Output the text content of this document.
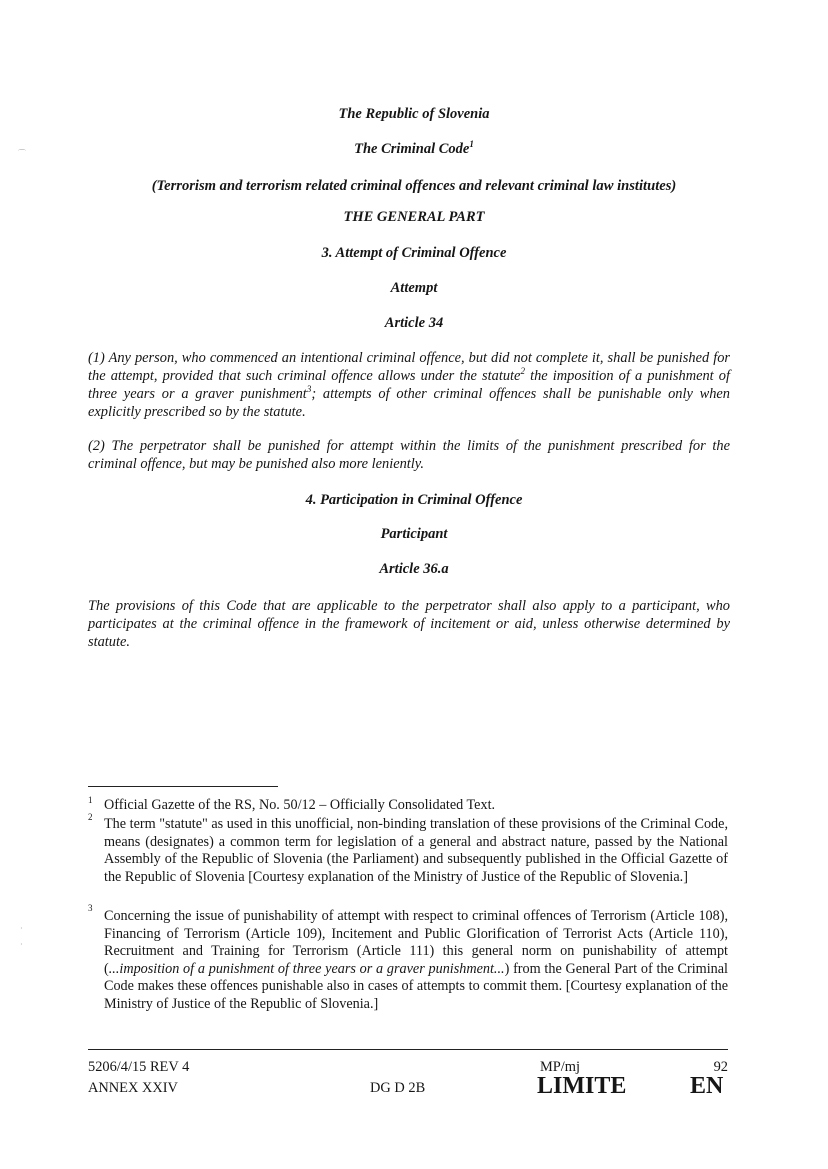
The Republic of Slovenia
The Criminal Code$^1$
(Terrorism and terrorism related criminal offences and relevant criminal law institutes)
THE GENERAL PART
3. Attempt of Criminal Offence
Attempt
Article 34
(1) Any person, who commenced an intentional criminal offence, but did not complete it, shall be punished for the attempt, provided that such criminal offence allows under the statute$^2$ the imposition of a punishment of three years or a graver punishment$^3$; attempts of other criminal offences shall be punishable only when explicitly prescribed so by the statute.
(2) The perpetrator shall be punished for attempt within the limits of the punishment prescribed for the criminal offence, but may be punished also more leniently.
4. Participation in Criminal Offence
Participant
Article 36.a
The provisions of this Code that are applicable to the perpetrator shall also apply to a participant, who participates at the criminal offence in the framework of incitement or aid, unless otherwise determined by statute.
1 Official Gazette of the RS, No. 50/12 – Officially Consolidated Text.
2 The term "statute" as used in this unofficial, non-binding translation of these provisions of the Criminal Code, means (designates) a common term for legislation of a general and abstract nature, passed by the National Assembly of the Republic of Slovenia (the Parliament) and subsequently published in the Official Gazette of the Republic of Slovenia [Courtesy explanation of the Ministry of Justice of the Republic of Slovenia.]
3 Concerning the issue of punishability of attempt with respect to criminal offences of Terrorism (Article 108), Financing of Terrorism (Article 109), Incitement and Public Glorification of Terrorist Acts (Article 110), Recruitment and Training for Terrorism (Article 111) this general norm on punishability of attempt (...imposition of a punishment of three years or a graver punishment...) from the General Part of the Criminal Code makes these offences punishable also in cases of attempts to commit them. [Courtesy explanation of the Ministry of Justice of the Republic of Slovenia.]
5206/4/15 REV 4
ANNEX XXIV	DG D 2B
MP/mj	92
LIMITE	EN
⌒
·
·
